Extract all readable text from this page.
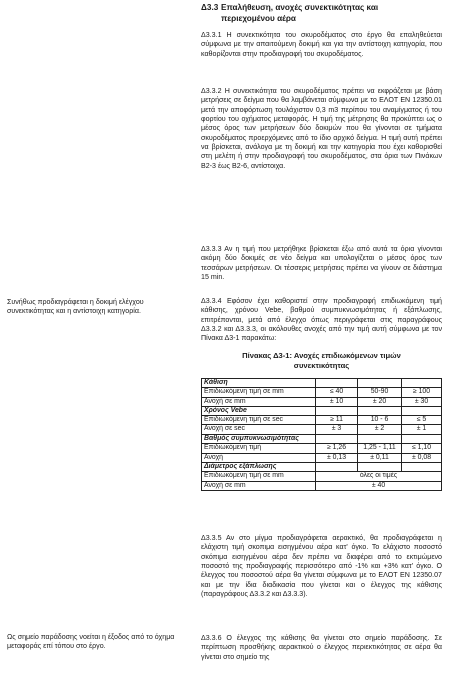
Δ3.3 Επαλήθευση, ανοχές συνεκτικότητας και
περιεχομένου αέρα

Δ3.3.1 Η συνεκτικότητα του σκυροδέματος στο έργο θα επαληθεύεται σύμφωνα με την απαιτούμενη δοκιμή και για την αντίστοιχη κατηγορία, που καθορίζονται στην προδιαγραφή του σκυροδέματος.

Δ3.3.2 Η συνεκτικότητα του σκυροδέματος πρέπει να εκφράζεται με βάση μετρήσεις σε δείγμα που θα λαμβάνεται σύμφωνα με το ΕΛΟΤ ΕΝ 12350.01 μετά την αποφόρτωση τουλάχιστον 0,3 m3 περίπου του αναμίγματος ή του φορτίου του οχήματος μεταφοράς. Η τιμή της μέτρησης θα προκύπτει ως ο μέσος όρος των μετρήσεων δύο δοκιμών που θα γίνονται σε τμήματα σκυροδέματος προερχόμενες από το ίδιο αρχικό δείγμα. Η τιμή αυτή πρέπει να βρίσκεται, ανάλογα με τη δοκιμή και την κατηγορία που έχει καθορισθεί στη μελέτη ή στην προδιαγραφή του σκυροδέματος, στα όρια των Πινάκων Β2-3 έως Β2-6, αντίστοιχα.

Δ3.3.3 Αν η τιμή που μετρήθηκε βρίσκεται έξω από αυτά τα όρια γίνονται ακόμη δύο δοκιμές σε νέο δείγμα και υπολογίζεται ο μέσος όρος των τεσσάρων μετρήσεων. Οι τέσσερις μετρήσεις πρέπει να γίνουν σε διάστημα 15 min.

Δ3.3.4 Εφόσον έχει καθοριστεί στην προδιαγραφή επιδιωκόμενη τιμή κάθισης, χρόνου Vebe, βαθμού συμπυκνωσιμότητας ή εξάπλωσης, επιτρέπονται, μετά από έλεγχο όπως περιγράφεται στις παραγράφους Δ3.3.2 και Δ3.3.3, οι ακόλουθες ανοχές από την τιμή αυτή σύμφωνα με τον Πίνακα Δ3-1 παρακάτω:

Συνήθως προδιαγράφεται η δοκιμή ελέγχου συνεκτικότητας και η αντίστοιχη κατηγορία.

Ως σημείο παράδοσης νοείται η έξοδος από το όχημα μεταφοράς επί τόπου στο έργο.

Πίνακας Δ3-1: Ανοχές επιδιωκόμενων τιμών
συνεκτικότητας
Κάθιση			
Επιδιωκόμενη τιμή σε mm	≤ 40	50-90	≥ 100
Ανοχή σε mm	± 10	± 20	± 30
Χρόνος Vebe			
Επιδιωκόμενη τιμή σε sec	≥ 11	10 - 6	≤ 5
Ανοχή σε sec	± 3	± 2	± 1
Βαθμός συμπυκνωσιμότητας			
Επιδιωκόμενη τιμή	≥ 1,26	1,25 - 1,11	≤ 1,10
Ανοχή	± 0,13	± 0,11	± 0,08
Διάμετρος εξάπλωσης			
Επιδιωκόμενη τιμή σε mm	όλες οι τιμές		
Ανοχή σε mm	± 40		

Δ3.3.5 Αν στο μίγμα προδιαγράφεται αερακτικό, θα προδιαγράφεται η ελάχιστη τιμή σκοπιμα εισηγμένου αέρα κατ' όγκο. Το ελάχιστο ποσοστό σκόπιμα εισηγμένου αέρα δεν πρέπει να διαφέρει από το εκτιμώμενο ποσοστό της προδιαγραφής περισσότερο από -1% και +3% κατ' όγκο. Ο έλεγχος του ποσοστού αέρα θα γίνεται σύμφωνα με το ΕΛΟΤ ΕΝ 12350.07 και με την ίδια διαδικασία που γίνεται και ο έλεγχος της κάθισης (παραγράφους Δ3.3.2 και Δ3.3.3).

Δ3.3.6 Ο έλεγχος της κάθισης θα γίνεται στο σημείο παράδοσης. Σε περίπτωση προσθήκης αερακτικού ο έλεγχος περιεκτικότητας σε αέρα θα γίνεται στο σημείο της
